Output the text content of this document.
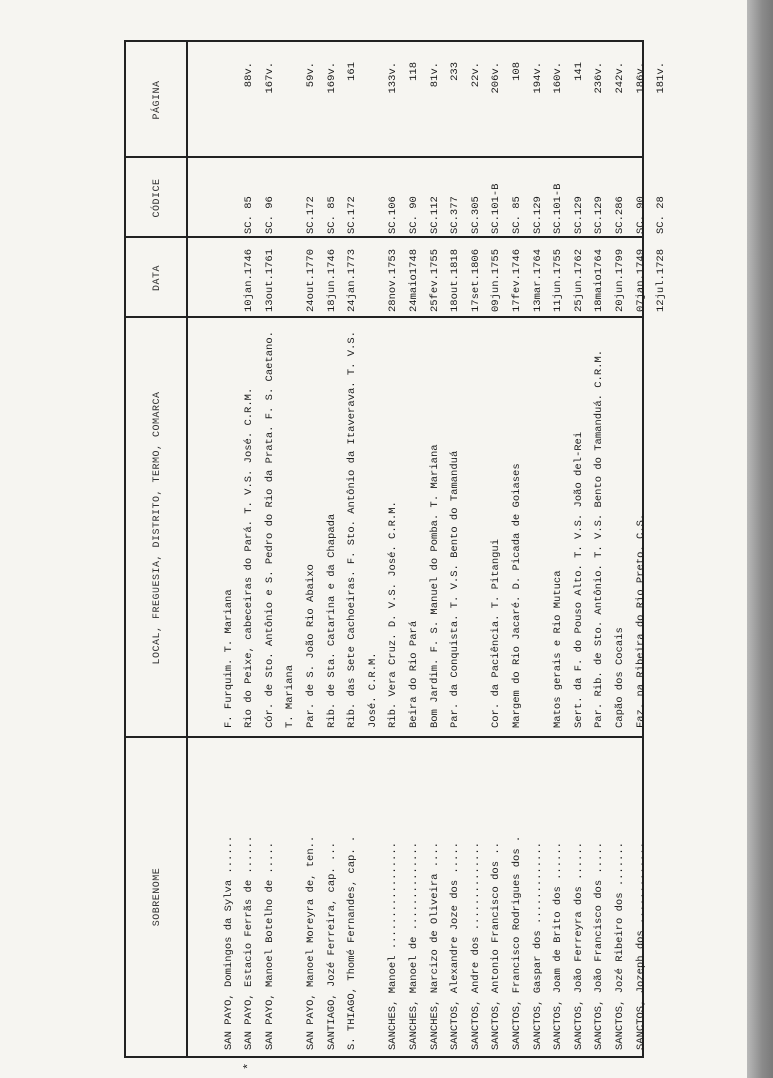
SOBRENOME
LOCAL, FREGUESIA, DISTRITO, TERMO, COMARCA
DATA
CÓDICE
PÁGINA
SAN PAYO, Domingos da Sylva ......
F. Furquim. T. Mariana
SAN PAYO, Estacio Ferrãs de ......
Rio do Peixe, cabeceiras do Pará. T. V.S. José. C.R.M.
10jan.1746
SC. 85
88v.
*
SAN PAYO, Manoel Botelho de .....
Cór. de Sto. Antônio e S. Pedro do Rio da Prata. F. S. Caetano.
13out.1761
SC. 96
167v.
T. Mariana
SAN PAYO, Manoel Moreyra de, ten..
Par. de S. João Rio Abaixo
24out.1770
SC.172
59v.
SANTIAGO, Jozé Ferreira, cap. ...
Rib. de Sta. Catarina e da Chapada
18jun.1746
SC. 85
169v.
S. THIAGO, Thomé Fernandes, cap. .
Rib. das Sete Cachoeiras. F. Sto. Antônio da Itaverava. T. V.S.
24jan.1773
SC.172
161
José. C.R.M.
SANCHES, Manoel .................
Rib. Vera Cruz. D. V.S. José. C.R.M.
28nov.1753
SC.106
133v.
SANCHES, Manoel de ..............
Beira do Rio Pará
24maio1748
SC. 90
118
SANCHES, Narcizo de Oliveira ....
Bom Jardim. F. S. Manuel do Pomba. T. Mariana
25fev.1755
SC.112
81v.
SANCTOS, Alexandre Joze dos .....
Par. da Conquista. T. V.S. Bento do Tamanduá
18out.1818
SC.377
233
SANCTOS, Andre dos ..............
17set.1806
SC.305
22v.
SANCTOS, Antonio Francisco dos ..
Cor. da Paciência. T. Pitangui
09jun.1755
SC.101-B
206v.
SANCTOS, Francisco Rodrigues dos .
Margem do Rio Jacaré. D. Picada de Goiases
17fev.1746
SC. 85
108
SANCTOS, Gaspar dos .............
13mar.1764
SC.129
194v.
SANCTOS, Joam de Brito dos ......
Matos gerais e Rio Mutuca
11jun.1755
SC.101-B
160v.
SANCTOS, João Ferreyra dos ......
Sert. da F. do Pouso Alto. T. V.S. João del-Rei
25jun.1762
SC.129
141
SANCTOS, João Francisco dos .....
Par. Rib. de Sto. Antônio. T. V.S. Bento do Tamanduá. C.R.M.
18maio1764
SC.129
236v.
SANCTOS, Jozé Ribeiro dos .......
Capão dos Cocais
20jun.1799
SC.286
242v.
SANCTOS, Jozeph dos .............
Faz. na Ribeira do Rio Preto. C.S.
07jan.1749
SC. 90
186v.
12jul.1728
SC. 28
181v.
